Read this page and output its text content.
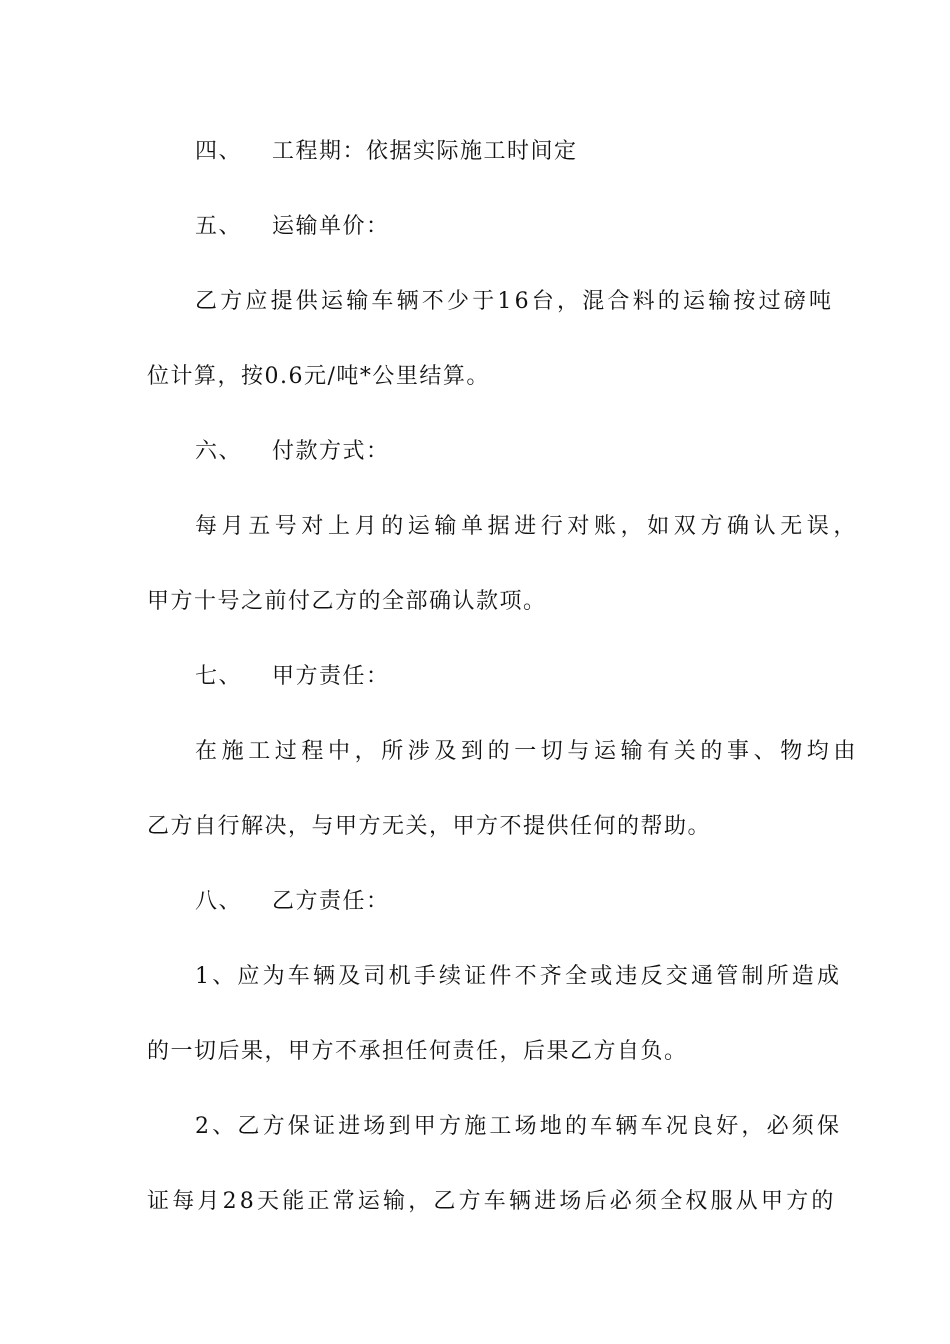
四、 工程期：依据实际施工时间定
五、 运输单价：
乙方应提供运输车辆不少于16台，混合料的运输按过磅吨
位计算，按0.6元/吨*公里结算。
六、 付款方式：
每月五号对上月的运输单据进行对账，如双方确认无误，
甲方十号之前付乙方的全部确认款项。
七、 甲方责任：
在施工过程中，所涉及到的一切与运输有关的事、物均由
乙方自行解决，与甲方无关，甲方不提供任何的帮助。
八、 乙方责任：
1、应为车辆及司机手续证件不齐全或违反交通管制所造成
的一切后果，甲方不承担任何责任，后果乙方自负。
2、乙方保证进场到甲方施工场地的车辆车况良好，必须保
证每月28天能正常运输，乙方车辆进场后必须全权服从甲方的
